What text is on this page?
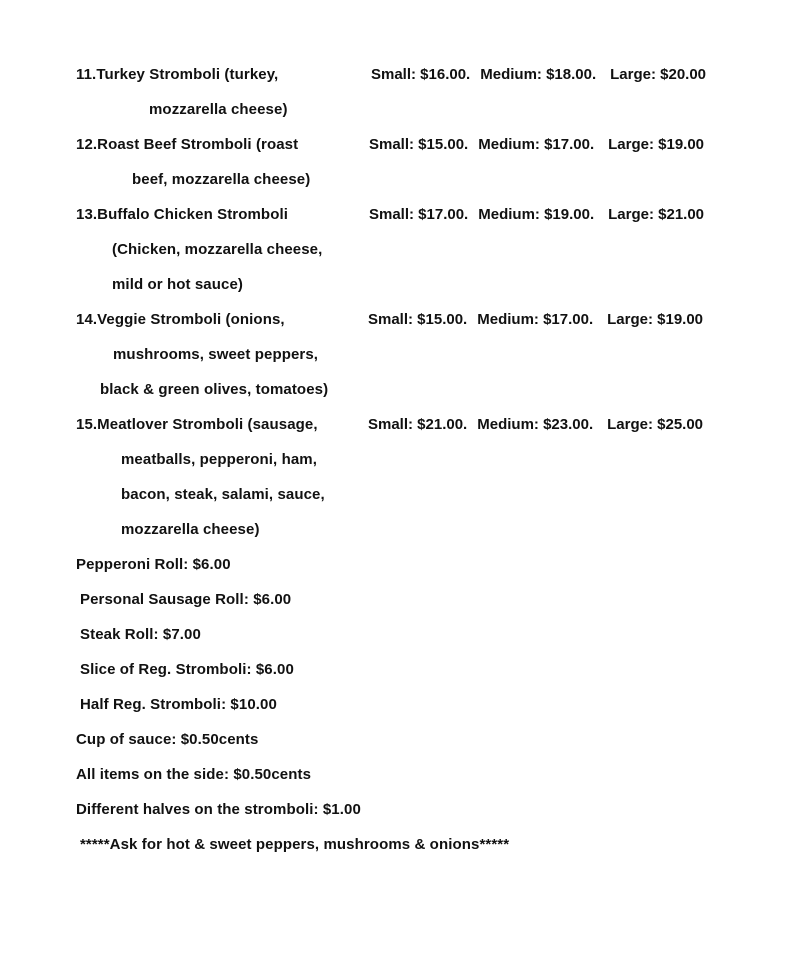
11.Turkey Stromboli (turkey,
mozzarella cheese)
Small: $16.00. Medium: $18.00. Large: $20.00
12.Roast Beef Stromboli (roast
beef, mozzarella cheese)
Small: $15.00. Medium: $17.00. Large: $19.00
13.Buffalo Chicken Stromboli
(Chicken, mozzarella cheese,
mild or hot sauce)
Small: $17.00. Medium: $19.00. Large: $21.00
14.Veggie Stromboli (onions,
mushrooms, sweet peppers,
black & green olives, tomatoes)
Small: $15.00. Medium: $17.00. Large: $19.00
15.Meatlover Stromboli (sausage,
meatballs, pepperoni, ham,
bacon, steak, salami, sauce,
mozzarella cheese)
Small: $21.00. Medium: $23.00. Large: $25.00
Pepperoni Roll: $6.00
Personal Sausage Roll: $6.00
Steak Roll: $7.00
Slice of Reg. Stromboli: $6.00
Half Reg. Stromboli: $10.00
Cup of sauce: $0.50cents
All items on the side: $0.50cents
Different halves on the stromboli: $1.00
*****Ask for hot & sweet peppers, mushrooms & onions*****
